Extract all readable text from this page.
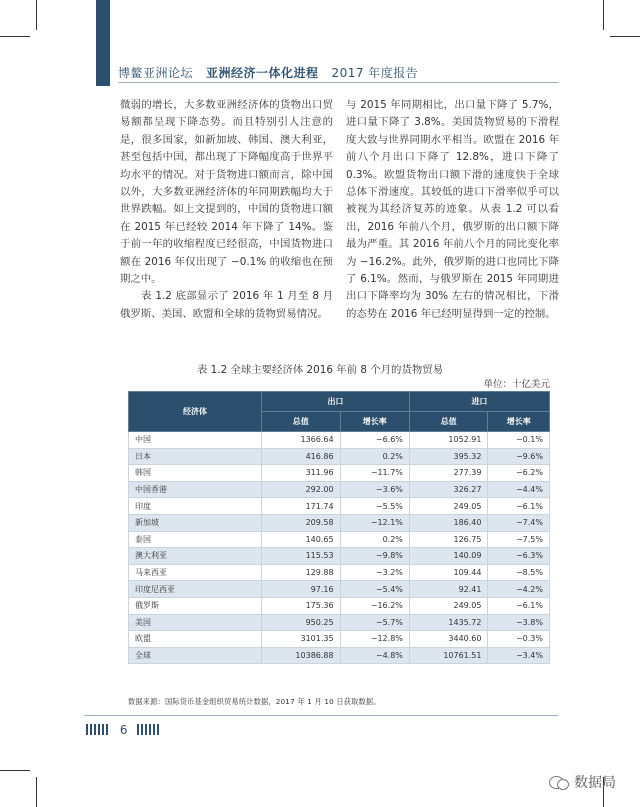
博鳌亚洲论坛 亚洲经济一体化进程 2017 年度报告

微弱的增长，大多数亚洲经济体的货物出口贸易额都呈现下降态势。而且特别引人注意的是，很多国家，如新加坡、韩国、澳大利亚，甚至包括中国，都出现了下降幅度高于世界平均水平的情况。对于货物进口额而言，除中国以外，大多数亚洲经济体的年同期跌幅均大于世界跌幅。如上文提到的，中国的货物进口额在 2015 年已经较 2014 年下降了 14%。鉴于前一年的收缩程度已经很高，中国货物进口额在 2016 年仅出现了 −0.1% 的收缩也在预期之中。

表 1.2 底部显示了 2016 年 1 月至 8 月俄罗斯、美国、欧盟和全球的货物贸易情况。

与 2015 年同期相比，出口量下降了 5.7%，进口量下降了 3.8%。美国货物贸易的下滑程度大致与世界同期水平相当。欧盟在 2016 年前八个月出口下降了 12.8%，进口下降了 0.3%。欧盟货物出口额下滑的速度快于全球总体下滑速度。其较低的进口下滑率似乎可以被视为其经济复苏的迹象。从表 1.2 可以看出，2016 年前八个月，俄罗斯的出口额下降最为严重。其 2016 年前八个月的同比变化率为 −16.2%。此外，俄罗斯的进口也同比下降了 6.1%。然而，与俄罗斯在 2015 年同期进出口下降率均为 30% 左右的情况相比，下滑的态势在 2016 年已经明显得到一定的控制。

表 1.2 全球主要经济体 2016 年前 8 个月的货物贸易
单位：十亿美元
经济体	出口		进口	
	总值	增长率	总值	增长率
中国	1366.64	−6.6%	1052.91	−0.1%
日本	416.86	0.2%	395.32	−9.6%
韩国	311.96	−11.7%	277.39	−6.2%
中国香港	292.00	−3.6%	326.27	−4.4%
印度	171.74	−5.5%	249.05	−6.1%
新加坡	209.58	−12.1%	186.40	−7.4%
泰国	140.65	0.2%	126.75	−7.5%
澳大利亚	115.53	−9.8%	140.09	−6.3%
马来西亚	129.88	−3.2%	109.44	−8.5%
印度尼西亚	97.16	−5.4%	92.41	−4.2%
俄罗斯	175.36	−16.2%	249.05	−6.1%
美国	950.25	−5.7%	1435.72	−3.8%
欧盟	3101.35	−12.8%	3440.60	−0.3%
全球	10386.88	−4.8%	10761.51	−3.4%
数据来源：国际货币基金组织贸易统计数据，2017 年 1 月 10 日获取数据。
6
数据局
